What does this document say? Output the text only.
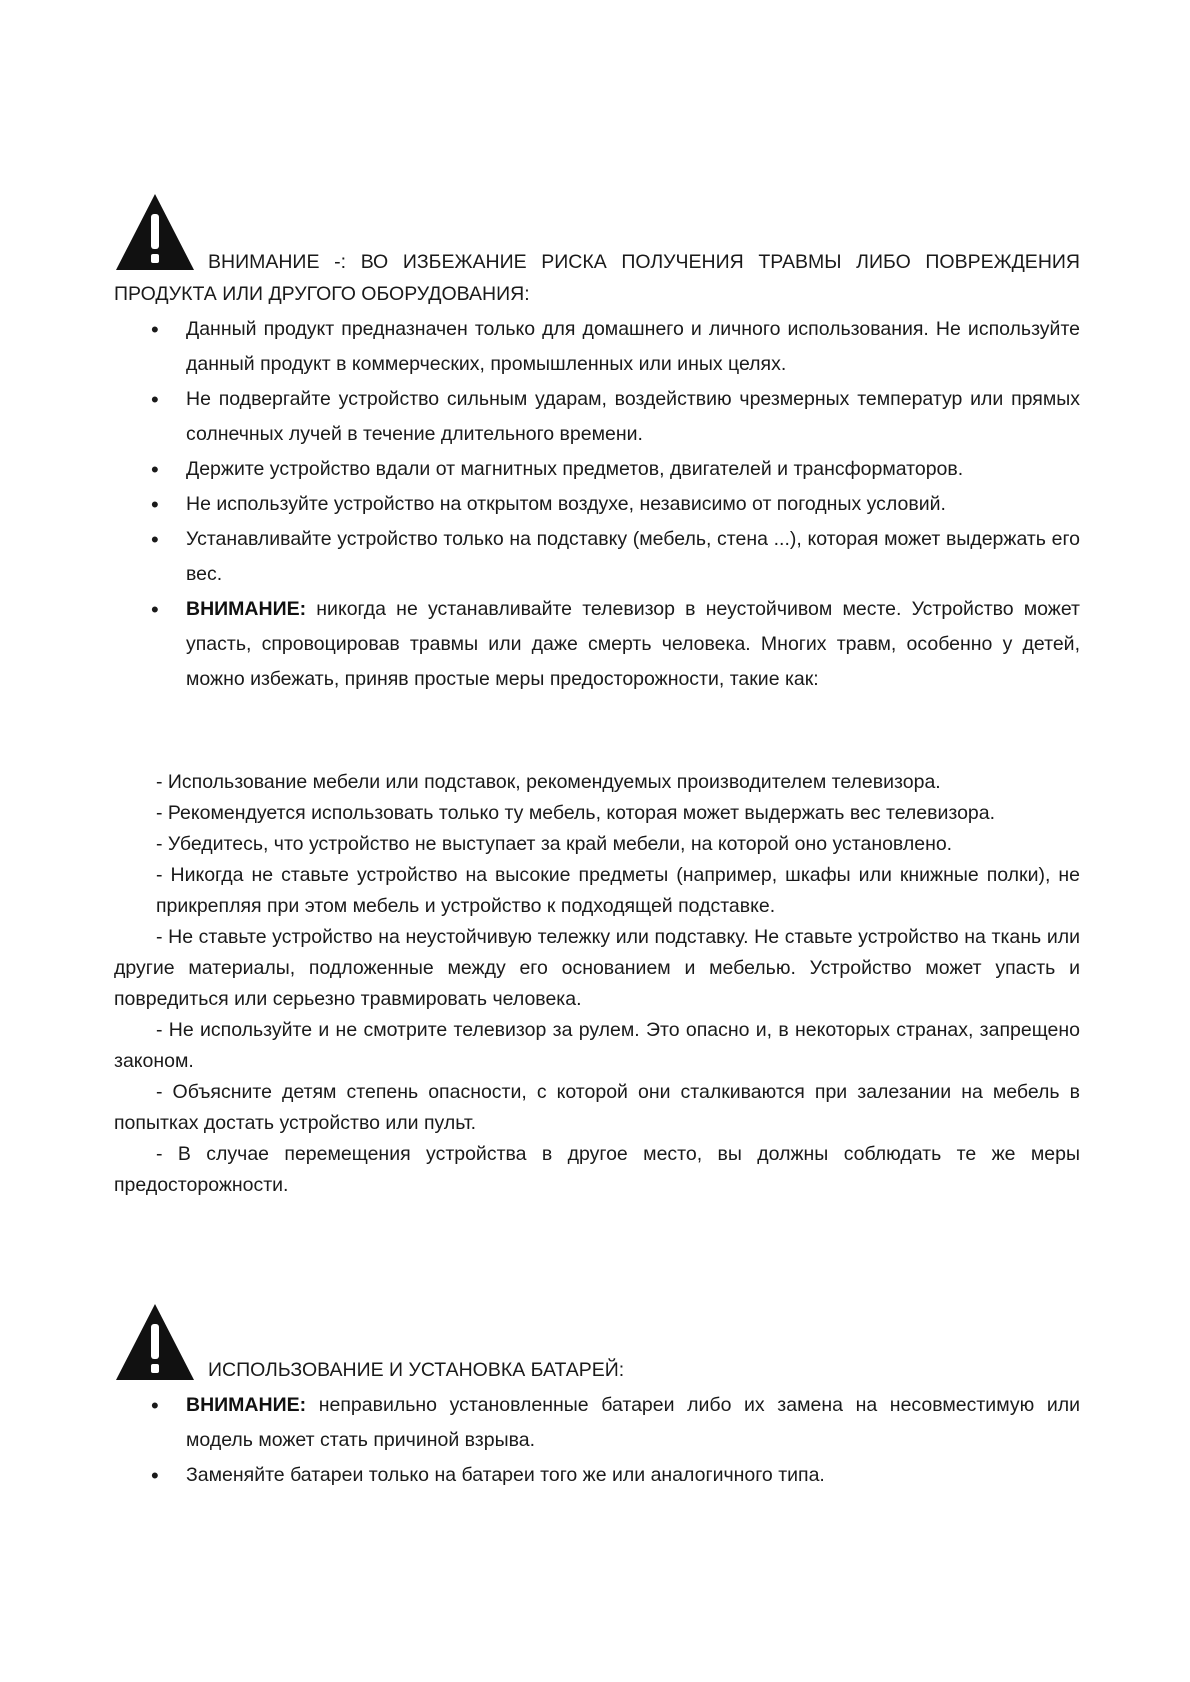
ВНИМАНИЕ -: ВО ИЗБЕЖАНИЕ РИСКА ПОЛУЧЕНИЯ ТРАВМЫ ЛИБО ПОВРЕЖДЕНИЯ ПРОДУКТА ИЛИ ДРУГОГО ОБОРУДОВАНИЯ:
• Данный продукт предназначен только для домашнего и личного использования. Не используйте данный продукт в коммерческих, промышленных или иных целях.
• Не подвергайте устройство сильным ударам, воздействию чрезмерных температур или прямых солнечных лучей в течение длительного времени.
• Держите устройство вдали от магнитных предметов, двигателей и трансформаторов.
• Не используйте устройство на открытом воздухе, независимо от погодных условий.
• Устанавливайте устройство только на подставку (мебель, стена ...), которая может выдержать его вес.
• ВНИМАНИЕ: никогда не устанавливайте телевизор в неустойчивом месте. Устройство может упасть, спровоцировав травмы или даже смерть человека. Многих травм, особенно у детей, можно избежать, приняв простые меры предосторожности, такие как:

- Использование мебели или подставок, рекомендуемых производителем телевизора.

- Рекомендуется использовать только ту мебель, которая может выдержать вес телевизора.

- Убедитесь, что устройство не выступает за край мебели, на которой оно установлено.

- Никогда не ставьте устройство на высокие предметы (например, шкафы или книжные полки), не прикрепляя при этом мебель и устройство к подходящей подставке.

- Не ставьте устройство на неустойчивую тележку или подставку. Не ставьте устройство на ткань или другие материалы, подложенные между его основанием и мебелью. Устройство может упасть и повредиться или серьезно травмировать человека.

- Не используйте и не смотрите телевизор за рулем. Это опасно и, в некоторых странах, запрещено законом.

- Объясните детям степень опасности, с которой они сталкиваются при залезании на мебель в попытках достать устройство или пульт.

- В случае перемещения устройства в другое место, вы должны соблюдать те же меры предосторожности.

ИСПОЛЬЗОВАНИЕ И УСТАНОВКА БАТАРЕЙ:
• ВНИМАНИЕ: неправильно установленные батареи либо их замена на несовместимую или модель может стать причиной взрыва.
• Заменяйте батареи только на батареи того же или аналогичного типа.
